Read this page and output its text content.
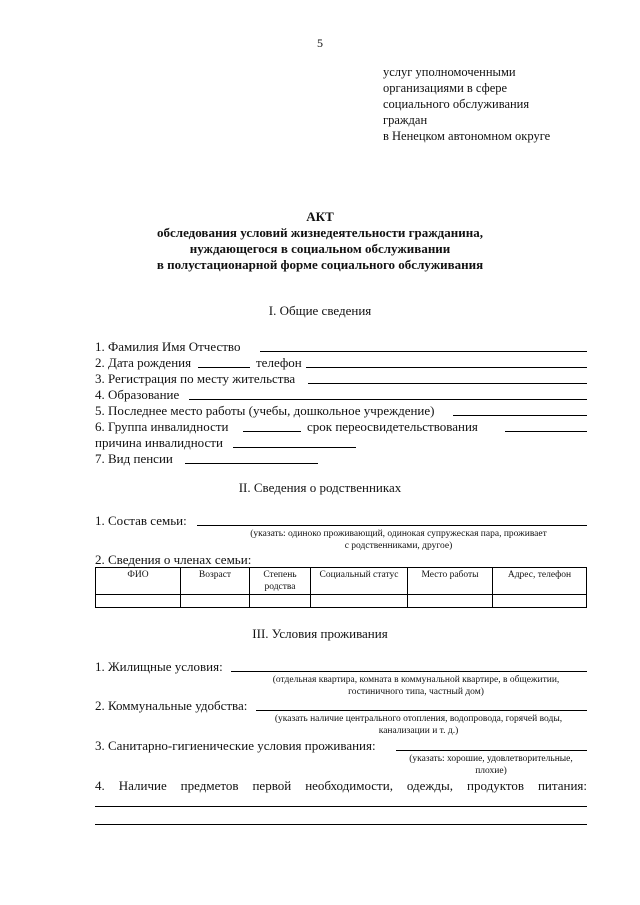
5
услуг уполномоченными
организациями в сфере
социального обслуживания
граждан
в Ненецком автономном округе
АКТ
обследования условий жизнедеятельности гражданина,
нуждающегося в социальном обслуживании
в полустационарной форме социального обслуживания
I. Общие сведения
1. Фамилия Имя Отчество
2. Дата рождения	телефон
3. Регистрация по месту жительства
4. Образование
5. Последнее место работы (учебы, дошкольное учреждение)
6. Группа инвалидности	срок переосвидетельствования
причина инвалидности
7. Вид пенсии
II. Сведения о родственниках
1. Состав семьи:
(указать: одиноко проживающий, одинокая супружеская пара, проживает
с родственниками, другое)
2. Сведения о членах семьи:
ФИО	Возраст	Степень родства	Социальный статус	Место работы	Адрес, телефон

III. Условия проживания
1. Жилищные условия:
(отдельная квартира, комната в коммунальной квартире, в общежитии,
гостиничного типа, частный дом)
2. Коммунальные удобства:
(указать наличие центрального отопления, водопровода, горячей воды,
канализации и т. д.)
3. Санитарно-гигиенические условия проживания:
(указать: хорошие, удовлетворительные,
плохие)
4. Наличие предметов первой необходимости, одежды, продуктов питания:
